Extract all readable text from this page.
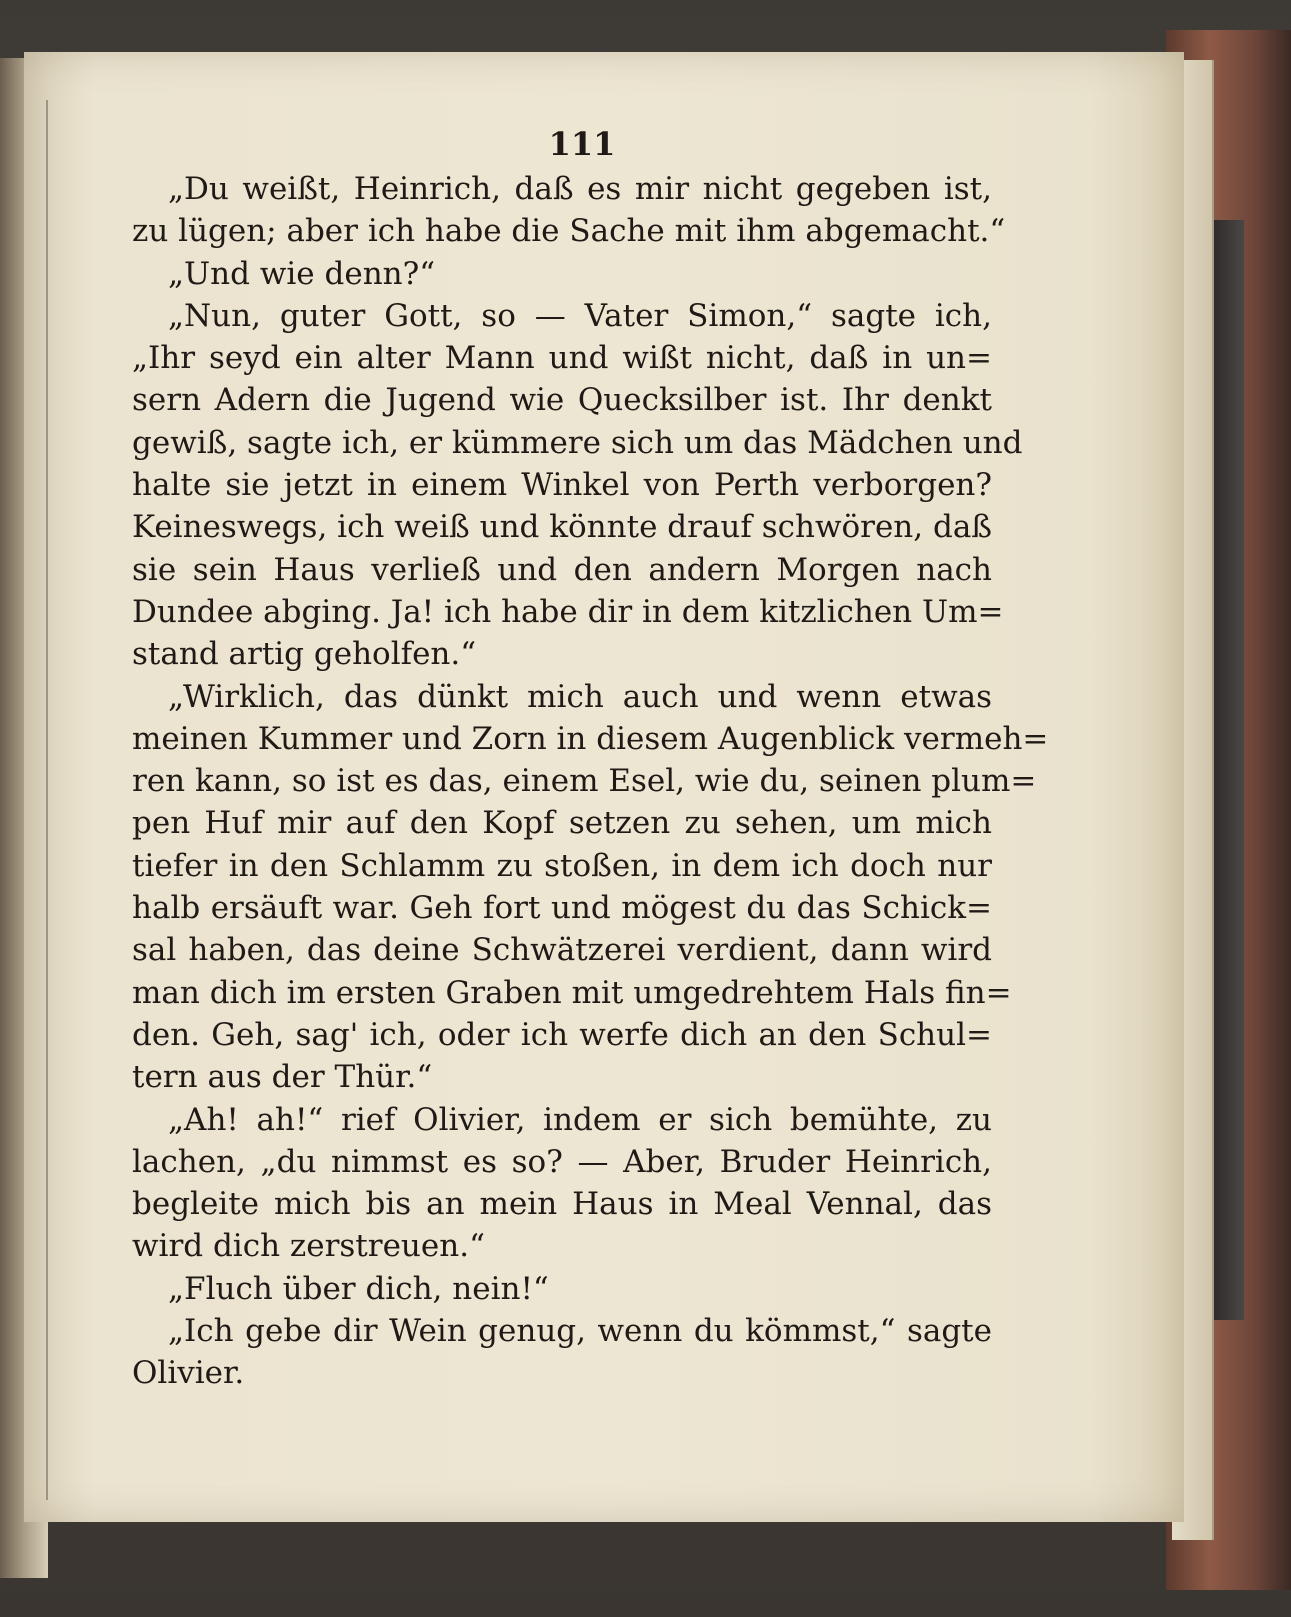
111
„Du weißt, Heinrich, daß es mir nicht gegeben ist,
zu lügen; aber ich habe die Sache mit ihm abgemacht.“
„Und wie denn?“
„Nun, guter Gott, so — Vater Simon,“ sagte ich,
„Ihr seyd ein alter Mann und wißt nicht, daß in un=
sern Adern die Jugend wie Quecksilber ist. Ihr denkt
gewiß, sagte ich, er kümmere sich um das Mädchen und
halte sie jetzt in einem Winkel von Perth verborgen?
Keineswegs, ich weiß und könnte drauf schwören, daß
sie sein Haus verließ und den andern Morgen nach
Dundee abging. Ja! ich habe dir in dem kitzlichen Um=
stand artig geholfen.“
„Wirklich, das dünkt mich auch und wenn etwas
meinen Kummer und Zorn in diesem Augenblick vermeh=
ren kann, so ist es das, einem Esel, wie du, seinen plum=
pen Huf mir auf den Kopf setzen zu sehen, um mich
tiefer in den Schlamm zu stoßen, in dem ich doch nur
halb ersäuft war. Geh fort und mögest du das Schick=
sal haben, das deine Schwätzerei verdient, dann wird
man dich im ersten Graben mit umgedrehtem Hals fin=
den. Geh, sag' ich, oder ich werfe dich an den Schul=
tern aus der Thür.“
„Ah! ah!“ rief Olivier, indem er sich bemühte, zu
lachen, „du nimmst es so? — Aber, Bruder Heinrich,
begleite mich bis an mein Haus in Meal Vennal, das
wird dich zerstreuen.“
„Fluch über dich, nein!“
„Ich gebe dir Wein genug, wenn du kömmst,“ sagte
Olivier.
